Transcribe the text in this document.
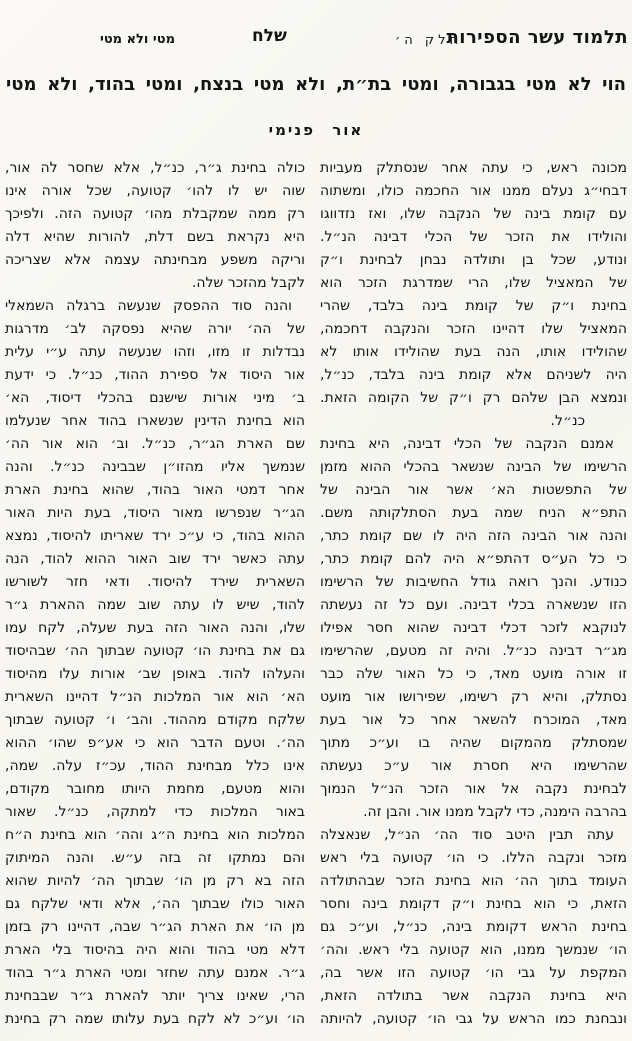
תלמוד עשר הספירות
חלק ה׳
שלח
מטי ולא מטי
הוי לא מטי בגבורה, ומטי בת״ת, ולא מטי בנצח, ומטי בהוד, ולא מטי
אור פנימי
מכונה ראש, כי עתה אחר שנסתלק מעביות
דבחי״ג נעלם ממנו אור החכמה כולו, ומשתוה
עם קומת בינה של הנקבה שלו, ואז נזדווגו
והולידו את הזכר של הכלי דבינה הנ״ל.
ונודע, שכל בן ותולדה נבחן לבחינת ו״ק
של המאציל שלו, הרי שמדרגת הזכר הוא
בחינת ו״ק של קומת בינה בלבד, שהרי
המאציל שלו דהיינו הזכר והנקבה דחכמה,
שהולידו אותו, הנה בעת שהולידו אותו לא
היה לשניהם אלא קומת בינה בלבד, כנ״ל,
ונמצא הבן שלהם רק ו״ק של הקומה הזאת.
כנ״ל.
אמנם הנקבה של הכלי דבינה, היא בחינת
הרשימו של הבינה שנשאר בהכלי ההוא מזמן
של התפשטות הא׳ אשר אור הבינה של
התפ״א הניח שמה בעת הסתלקותה משם.
והנה אור הבינה הזה היה לו שם קומת כתר,
כי כל הע״ס דהתפ״א היה להם קומת כתר,
כנודע. והנך רואה גודל החשיבות של הרשימו
הזו שנשארה בכלי דבינה. ועם כל זה נעשתה
לנוקבא לזכר דכלי דבינה שהוא חסר אפילו
מג״ר דבינה כנ״ל. והיה זה מטעם, שהרשימו
זו אורה מועט מאד, כי כל האור שלה כבר
נסתלק, והיא רק רשימו, שפירושו אור מועט
מאד, המוכרח להשאר אחר כל אור בעת
שמסתלק מהמקום שהיה בו וע״כ מתוך
שהרשימו היא חסרת אור ע״כ נעשתה
לבחינת נקבה אל אור הזכר הנ״ל הנמוך
בהרבה הימנה, כדי לקבל ממנו אור. והבן זה.
עתה תבין היטב סוד הה׳ הנ״ל, שנאצלה
מזכר ונקבה הללו. כי הו׳ קטועה בלי ראש
העומד בתוך הה׳ הוא בחינת הזכר שבהתולדה
הזאת, כי הוא בחינת ו״ק דקומת בינה וחסר
בחינת הראש דקומת בינה, כנ״ל, וע״כ גם
הו׳ שנמשך ממנו, הוא קטועה בלי ראש. והה׳
המקפת על גבי הו׳ קטועה הזו אשר בה,
היא בחינת הנקבה אשר בתולדה הזאת,
ונבחנת כמו הראש על גבי הו׳ קטועה, להיותה
כולה בחינת ג״ר, כנ״ל, אלא שחסר לה אור,
שוה יש לו להו׳ קטועה, שכל אורה אינו
רק ממה שמקבלת מהו׳ קטועה הזה. ולפיכך
היא נקראת בשם דלת, להורות שהיא דלה
וריקה משפע מבחינתה עצמה אלא שצריכה
לקבל מהזכר שלה.
והנה סוד ההפסק שנעשה ברגלה השמאלי
של הה׳ יורה שהיא נפסקה לב׳ מדרגות
נבדלות זו מזו, וזהו שנעשה עתה ע״י עלית
אור היסוד אל ספירת ההוד, כנ״ל. כי ידעת
ב׳ מיני אורות שישנם בהכלי דיסוד, הא׳
הוא בחינת הדינין שנשארו בהוד אחר שנעלמו
שם הארת הג״ר, כנ״ל. וב׳ הוא אור הה׳
שנמשך אליו מהזו״ן שבבינה כנ״ל. והנה
אחר דמטי האור בהוד, שהוא בחינת הארת
הג״ר שנפרשו מאור היסוד, בעת היות האור
ההוא בהוד, כי ע״כ ירד שאריתו להיסוד, נמצא
עתה כאשר ירד שוב האור ההוא להוד, הנה
השארית שירד להיסוד. ודאי חזר לשורשו
להוד, שיש לו עתה שוב שמה ההארת ג״ר
שלו, והנה האור הזה בעת שעלה, לקח עמו
גם את בחינת הו׳ קטועה שבתוך הה׳ שבהיסוד
והעלהו להוד. באופן שב׳ אורות עלו מהיסוד
הא׳ הוא אור המלכות הנ״ל דהיינו השארית
שלקח מקודם מההוד. והב׳ ו׳ קטועה שבתוך
הה׳. וטעם הדבר הוא כי אע״פ שהו׳ ההוא
אינו כלל מבחינת ההוד, עכ״ז עלה. שמה,
והוא מטעם, מחמת היותו מחובר מקודם,
באור המלכות כדי למתקה, כנ״ל. שאור
המלכות הוא בחינת ה״ג והה׳ הוא בחינת ה״ח
והם נמתקו זה בזה ע״ש. והנה המיתוק
הזה בא רק מן הו׳ שבתוך הה׳ להיות שהוא
האור כולו שבתוך הה׳, אלא ודאי שלקח גם
מן הו׳ את הארת הג״ר שבה, דהיינו רק בזמן
דלא מטי בהוד והוא היה בהיסוד בלי הארת
ג״ר. אמנם עתה שחזר ומטי הארת ג״ר בהוד
הרי, שאינו צריך יותר להארת ג״ר שבבחינת
הו׳ וע״כ לא לקח בעת עלותו שמה רק בחינת
